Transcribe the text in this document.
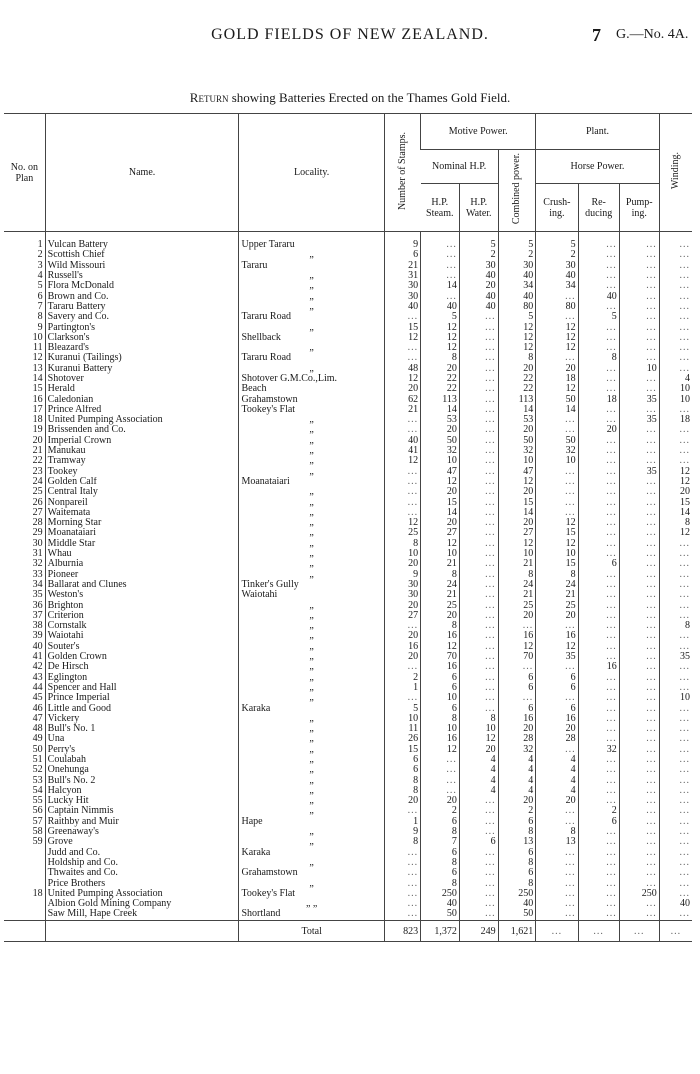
GOLD FIELDS OF NEW ZEALAND.	7 G.—No. 4A.
Return showing Batteries Erected on the Thames Gold Field.
No. on Plan	Name.	Locality.	Number of Stamps.	Motive Power.			Plant.			Winding.
				Nominal H.P.		Combined power.	Horse Power.			
				H.P. Steam.	H.P. Water.		Crush-ing.	Re-ducing	Pump-ing.	
1	Vulcan Battery	Upper Tararu	9	...	5	5	5	...	...	...
2	Scottish Chief	„	6	...	2	2	2	...	...	...
3	Wild Missouri	Tararu	21	...	30	30	30	...	...	...
4	Russell's	„	31	...	40	40	40	...	...	...
5	Flora McDonald	„	30	14	20	34	34	...	...	...
6	Brown and Co.	„	30	...	40	40	...	40	...	...
7	Tararu Battery	„	40	40	40	80	80	...	...	...
8	Savery and Co.	Tararu Road	...	5	...	5	...	5	...	...
9	Partington's	„	15	12	...	12	12	...	...	...
10	Clarkson's	Shellback	12	12	...	12	12	...	...	...
11	Bleazard's	„	...	12	...	12	12	...	...	...
12	Kuranui (Tailings)	Tararu Road	...	8	...	8	...	8	...	...
13	Kuranui Battery	„	48	20	...	20	20	...	10	...
14	Shotover	Shotover G.M.Co.,Lim.	12	22	...	22	18	...	...	4
15	Herald	Beach	20	22	...	22	12	...	...	10
16	Caledonian	Grahamstown	62	113	...	113	50	18	35	10
17	Prince Alfred	Tookey's Flat	21	14	...	14	14	...	...	...
18	United Pumping Association	„	...	53	...	53	...	...	35	18
19	Brissenden and Co.	„	...	20	...	20	...	20	...	...
20	Imperial Crown	„	40	50	...	50	50	...	...	...
21	Manukau	„	41	32	...	32	32	...	...	...
22	Tramway	„	12	10	...	10	10	...	...	...
23	Tookey	„	...	47	...	47	...	...	35	12
24	Golden Calf	Moanataiari	...	12	...	12	...	...	...	12
25	Central Italy	„	...	20	...	20	...	...	...	20
26	Nonpareil	„	...	15	...	15	...	...	...	15
27	Waitemata	„	...	14	...	14	...	...	...	14
28	Morning Star	„	12	20	...	20	12	...	...	8
29	Moanataiari	„	25	27	...	27	15	...	...	12
30	Middle Star	„	8	12	...	12	12	...	...	...
31	Whau	„	10	10	...	10	10	...	...	...
32	Alburnia	„	20	21	...	21	15	6	...	...
33	Pioneer	„	9	8	...	8	8	...	...	...
34	Ballarat and Clunes	Tinker's Gully	30	24	...	24	24	...	...	...
35	Weston's	Waiotahi	30	21	...	21	21	...	...	...
36	Brighton	„	20	25	...	25	25	...	...	...
37	Criterion	„	27	20	...	20	20	...	...	...
38	Cornstalk	„	...	8	...	...	...	...	...	8
39	Waiotahi	„	20	16	...	16	16	...	...	...
40	Souter's	„	16	12	...	12	12	...	...	...
41	Golden Crown	„	20	70	...	70	35	...	...	35
42	De Hirsch	„	...	16	...	...	...	16	...	...
43	Eglington	„	2	6	...	6	6	...	...	...
44	Spencer and Hall	„	1	6	...	6	6	...	...	...
45	Prince Imperial	„	...	10	...	...	...	...	...	10
46	Little and Good	Karaka	5	6	...	6	6	...	...	...
47	Vickery	„	10	8	8	16	16	...	...	...
48	Bull's No. 1	„	11	10	10	20	20	...	...	...
49	Una	„	26	16	12	28	28	...	...	...
50	Perry's	„	15	12	20	32	...	32	...	...
51	Coulabah	„	6	...	4	4	4	...	...	...
52	Onehunga	„	6	...	4	4	4	...	...	...
53	Bull's No. 2	„	8	...	4	4	4	...	...	...
54	Halcyon	„	8	...	4	4	4	...	...	...
55	Lucky Hit	„	20	20	...	20	20	...	...	...
56	Captain Nimmis	„	...	2	...	2	...	2	...	...
57	Raithby and Muir	Hape	1	6	...	6	...	6	...	...
58	Greenaway's	„	9	8	...	8	8	...	...	...
59	Grove	„	8	7	6	13	13	...	...	...
	Judd and Co.	Karaka	...	6	...	6	...	...	...	...
	Holdship and Co.	„	...	8	...	8	...	...	...	...
	Thwaites and Co.	Grahamstown	...	6	...	6	...	...	...	...
	Price Brothers	„	...	8	...	8	...	...	...	...
18	United Pumping Association	Tookey's Flat	...	250	...	250	...	...	250	...
	Albion Gold Mining Company	„ „	...	40	...	40	...	...	...	40
	Saw Mill, Hape Creek	Shortland	...	50	...	50	...	...	...	...
		Total	823	1,372	249	1,621	...	...	...	...
